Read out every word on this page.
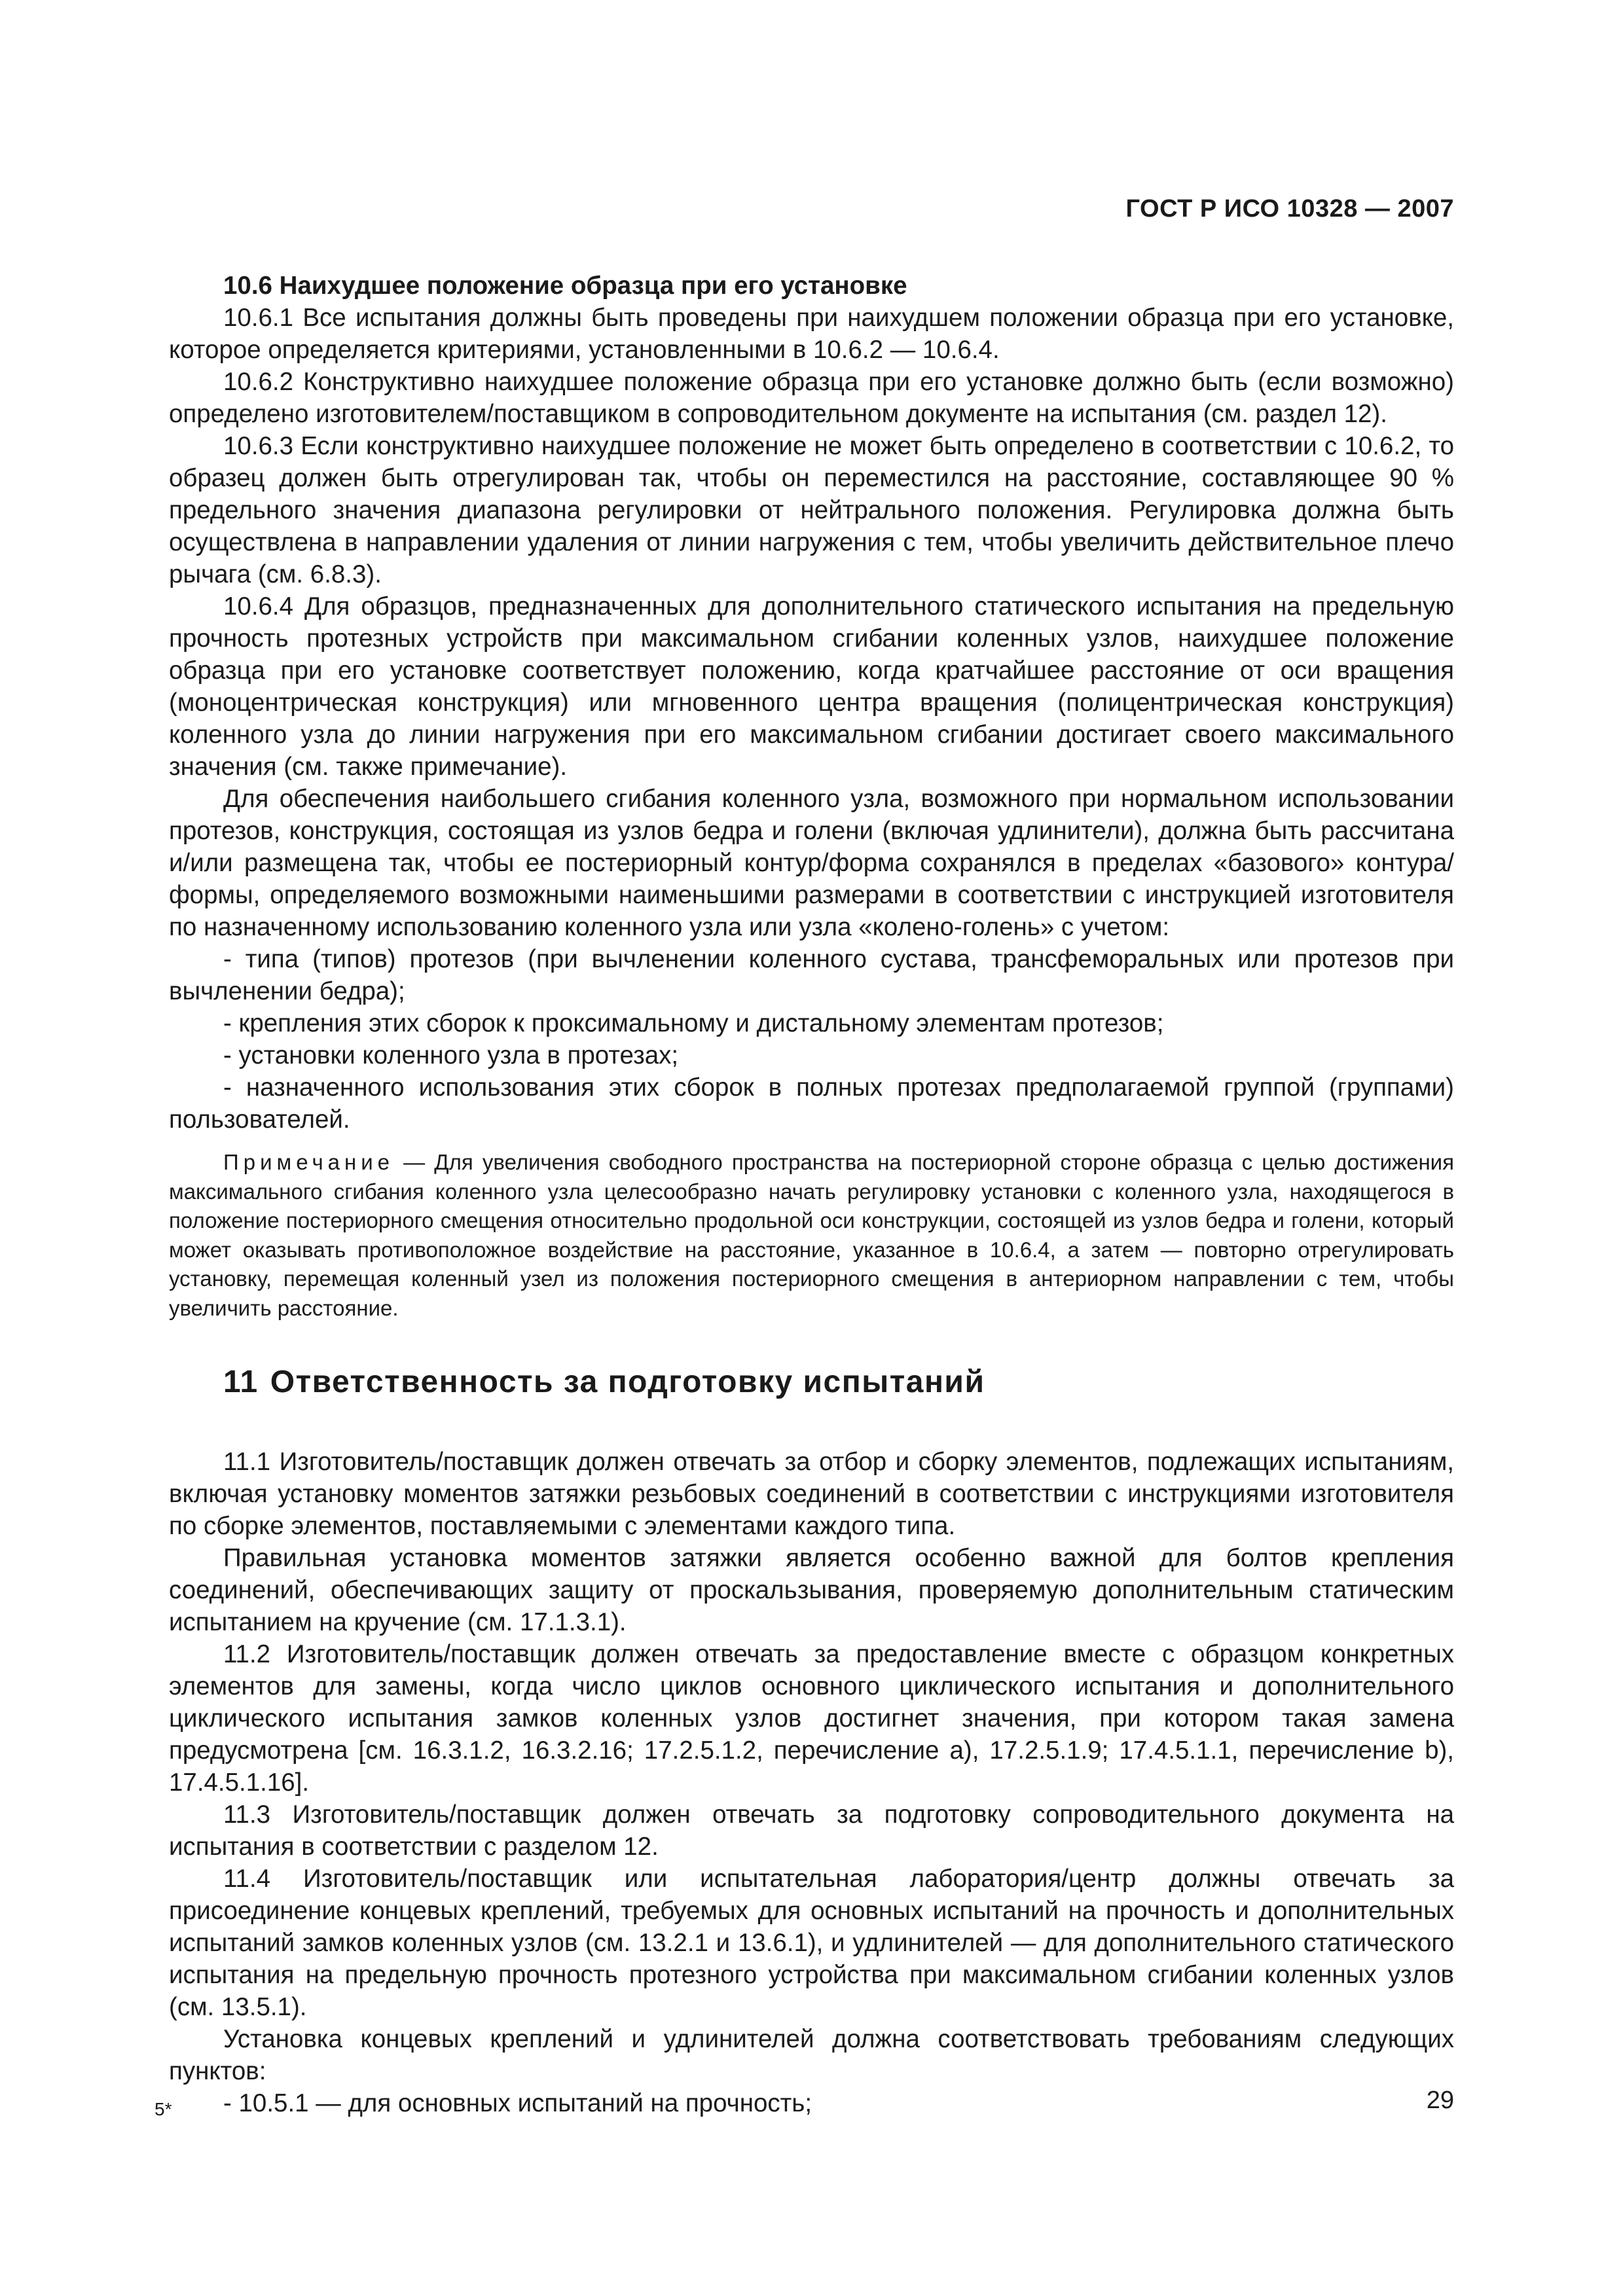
ГОСТ Р ИСО 10328 — 2007

10.6 Наихудшее положение образца при его установке

10.6.1 Все испытания должны быть проведены при наихудшем положении образца при его установке, которое определяется критериями, установленными в 10.6.2 — 10.6.4.

10.6.2 Конструктивно наихудшее положение образца при его установке должно быть (если возможно) определено изготовителем/поставщиком в сопроводительном документе на испытания (см. раздел 12).

10.6.3 Если конструктивно наихудшее положение не может быть определено в соответствии с 10.6.2, то образец должен быть отрегулирован так, чтобы он переместился на расстояние, составляющее 90 % предельного значения диапазона регулировки от нейтрального положения. Регулировка должна быть осуществлена в направлении удаления от линии нагружения с тем, чтобы увеличить действительное плечо рычага (см. 6.8.3).

10.6.4 Для образцов, предназначенных для дополнительного статического испытания на предельную прочность протезных устройств при максимальном сгибании коленных узлов, наихудшее положение образца при его установке соответствует положению, когда кратчайшее расстояние от оси вращения (моноцентрическая конструкция) или мгновенного центра вращения (полицентрическая конструкция) коленного узла до линии нагружения при его максимальном сгибании достигает своего максимального значения (см. также примечание).

Для обеспечения наибольшего сгибания коленного узла, возможного при нормальном использовании протезов, конструкция, состоящая из узлов бедра и голени (включая удлинители), должна быть рассчитана и/или размещена так, чтобы ее постериорный контур/форма сохранялся в пределах «базового» контура/формы, определяемого возможными наименьшими размерами в соответствии с инструкцией изготовителя по назначенному использованию коленного узла или узла «колено-голень» с учетом:

- типа (типов) протезов (при вычленении коленного сустава, трансфеморальных или протезов при вычленении бедра);

- крепления этих сборок к проксимальному и дистальному элементам протезов;

- установки коленного узла в протезах;

- назначенного использования этих сборок в полных протезах предполагаемой группой (группами) пользователей.

Примечание — Для увеличения свободного пространства на постериорной стороне образца с целью достижения максимального сгибания коленного узла целесообразно начать регулировку установки с коленного узла, находящегося в положение постериорного смещения относительно продольной оси конструкции, состоящей из узлов бедра и голени, который может оказывать противоположное воздействие на расстояние, указанное в 10.6.4, а затем — повторно отрегулировать установку, перемещая коленный узел из положения постериорного смещения в антериорном направлении с тем, чтобы увеличить расстояние.

11 Ответственность за подготовку испытаний

11.1 Изготовитель/поставщик должен отвечать за отбор и сборку элементов, подлежащих испытаниям, включая установку моментов затяжки резьбовых соединений в соответствии с инструкциями изготовителя по сборке элементов, поставляемыми с элементами каждого типа.

Правильная установка моментов затяжки является особенно важной для болтов крепления соединений, обеспечивающих защиту от проскальзывания, проверяемую дополнительным статическим испытанием на кручение (см. 17.1.3.1).

11.2 Изготовитель/поставщик должен отвечать за предоставление вместе с образцом конкретных элементов для замены, когда число циклов основного циклического испытания и дополнительного циклического испытания замков коленных узлов достигнет значения, при котором такая замена предусмотрена [см. 16.3.1.2, 16.3.2.16; 17.2.5.1.2, перечисление а), 17.2.5.1.9; 17.4.5.1.1, перечисление b), 17.4.5.1.16].

11.3 Изготовитель/поставщик должен отвечать за подготовку сопроводительного документа на испытания в соответствии с разделом 12.

11.4 Изготовитель/поставщик или испытательная лаборатория/центр должны отвечать за присоединение концевых креплений, требуемых для основных испытаний на прочность и дополнительных испытаний замков коленных узлов (см. 13.2.1 и 13.6.1), и удлинителей — для дополнительного статического испытания на предельную прочность протезного устройства при максимальном сгибании коленных узлов (см. 13.5.1).

Установка концевых креплений и удлинителей должна соответствовать требованиям следующих пунктов:

- 10.5.1 — для основных испытаний на прочность;

5*	29
